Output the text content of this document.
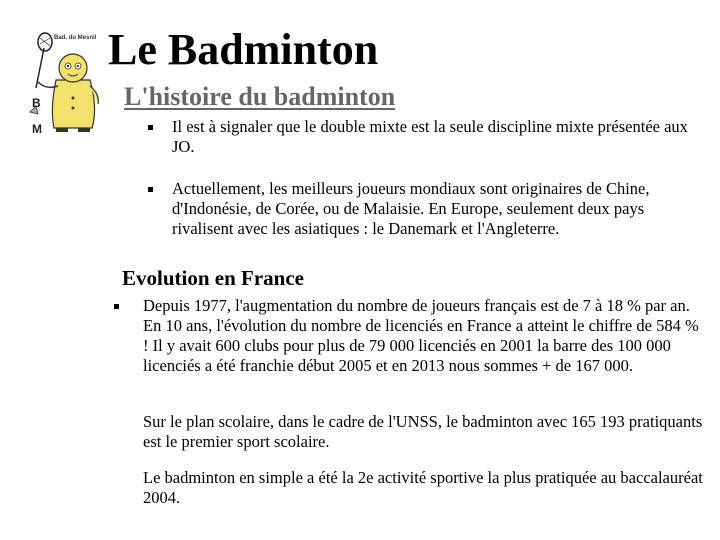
Bad. du Mesnil
B
M
Le Badminton
L'histoire du badminton
Il est à signaler que le double mixte est la seule discipline mixte présentée aux JO.
Actuellement, les meilleurs joueurs mondiaux sont originaires de Chine, d'Indonésie, de Corée, ou de Malaisie. En Europe, seulement deux pays rivalisent avec les asiatiques : le Danemark et l'Angleterre.
Evolution en France
Depuis 1977, l'augmentation du nombre de joueurs français est de 7 à 18 % par an. En 10 ans, l'évolution du nombre de licenciés en France a atteint le chiffre de 584 % ! Il y avait 600 clubs pour plus de 79 000 licenciés en 2001 la barre des 100 000 licenciés a été franchie début 2005 et en 2013 nous sommes + de 167 000.
Sur le plan scolaire, dans le cadre de l'UNSS, le badminton avec 165 193 pratiquants est le premier sport scolaire.
Le badminton en simple a été la 2e activité sportive la plus pratiquée au baccalauréat 2004.
